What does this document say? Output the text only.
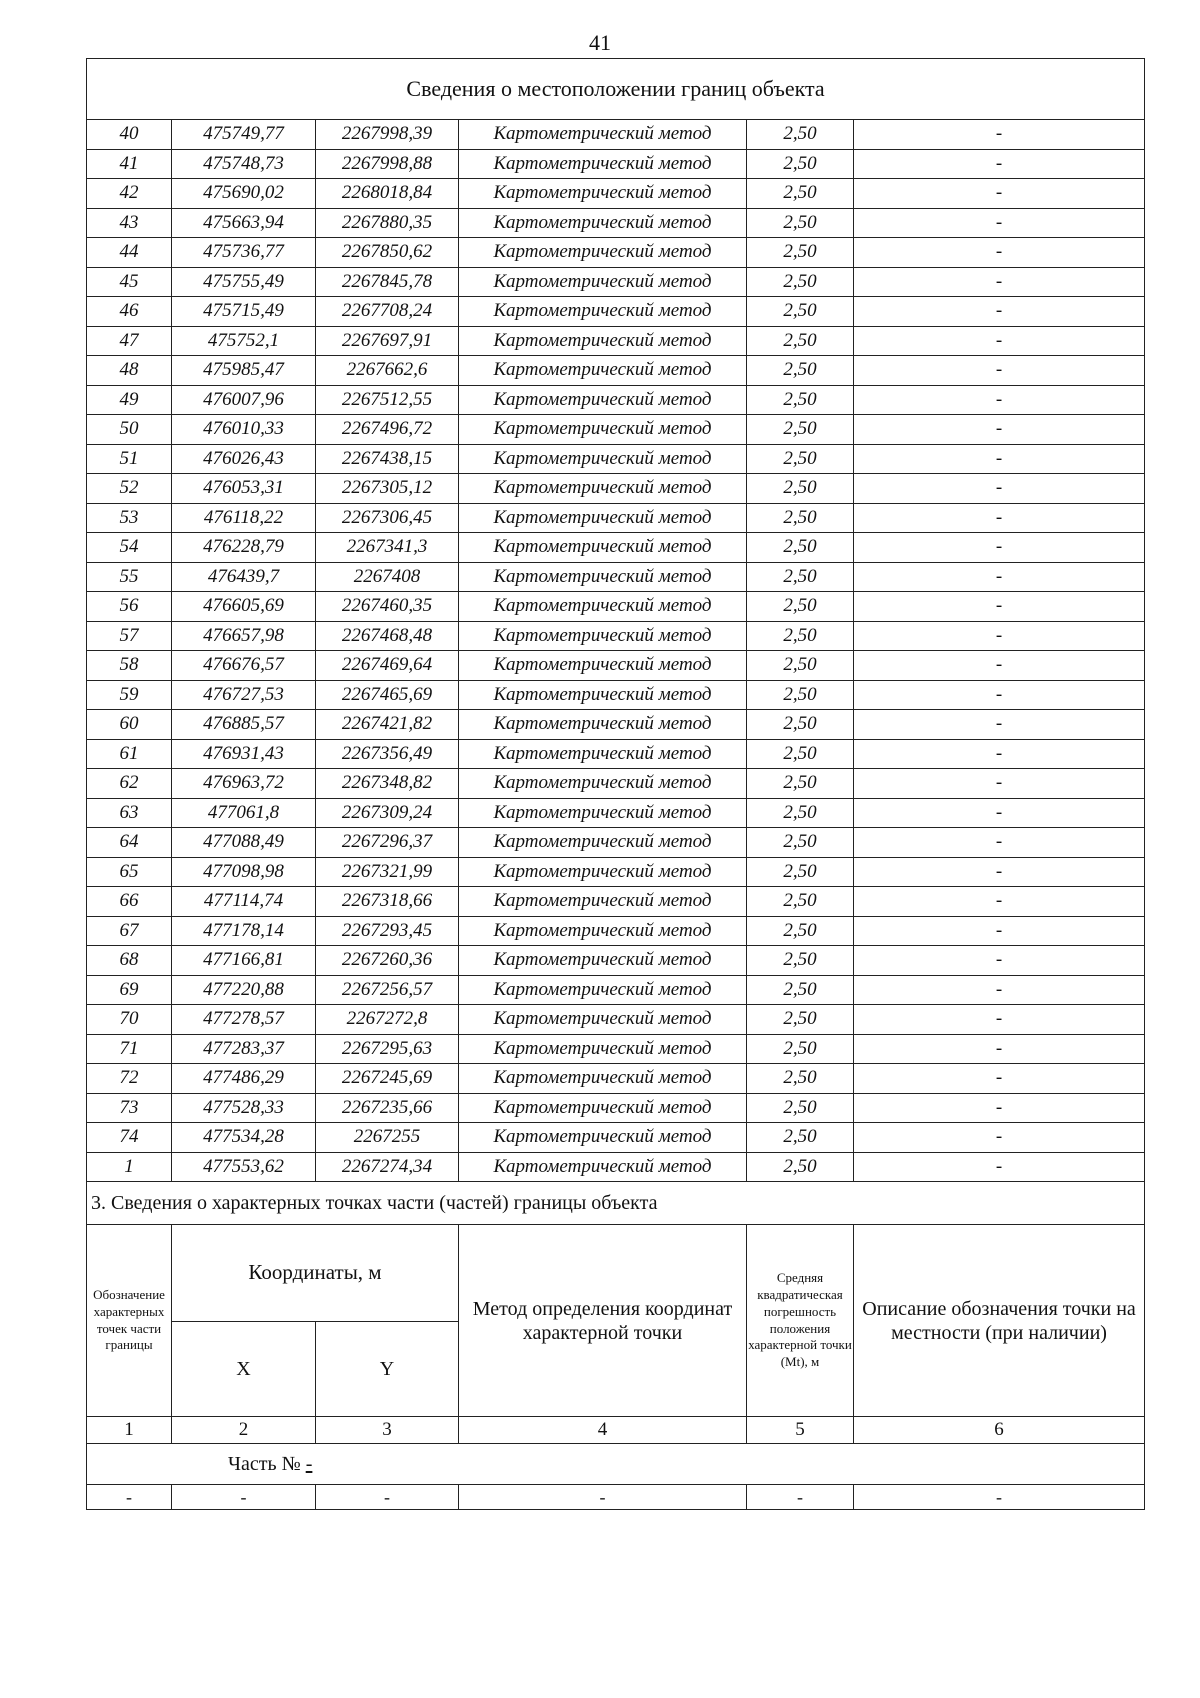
41
Сведения о местоположении границ объекта					
40	475749,77	2267998,39	Картометрический метод	2,50	-
41	475748,73	2267998,88	Картометрический метод	2,50	-
42	475690,02	2268018,84	Картометрический метод	2,50	-
43	475663,94	2267880,35	Картометрический метод	2,50	-
44	475736,77	2267850,62	Картометрический метод	2,50	-
45	475755,49	2267845,78	Картометрический метод	2,50	-
46	475715,49	2267708,24	Картометрический метод	2,50	-
47	475752,1	2267697,91	Картометрический метод	2,50	-
48	475985,47	2267662,6	Картометрический метод	2,50	-
49	476007,96	2267512,55	Картометрический метод	2,50	-
50	476010,33	2267496,72	Картометрический метод	2,50	-
51	476026,43	2267438,15	Картометрический метод	2,50	-
52	476053,31	2267305,12	Картометрический метод	2,50	-
53	476118,22	2267306,45	Картометрический метод	2,50	-
54	476228,79	2267341,3	Картометрический метод	2,50	-
55	476439,7	2267408	Картометрический метод	2,50	-
56	476605,69	2267460,35	Картометрический метод	2,50	-
57	476657,98	2267468,48	Картометрический метод	2,50	-
58	476676,57	2267469,64	Картометрический метод	2,50	-
59	476727,53	2267465,69	Картометрический метод	2,50	-
60	476885,57	2267421,82	Картометрический метод	2,50	-
61	476931,43	2267356,49	Картометрический метод	2,50	-
62	476963,72	2267348,82	Картометрический метод	2,50	-
63	477061,8	2267309,24	Картометрический метод	2,50	-
64	477088,49	2267296,37	Картометрический метод	2,50	-
65	477098,98	2267321,99	Картометрический метод	2,50	-
66	477114,74	2267318,66	Картометрический метод	2,50	-
67	477178,14	2267293,45	Картометрический метод	2,50	-
68	477166,81	2267260,36	Картометрический метод	2,50	-
69	477220,88	2267256,57	Картометрический метод	2,50	-
70	477278,57	2267272,8	Картометрический метод	2,50	-
71	477283,37	2267295,63	Картометрический метод	2,50	-
72	477486,29	2267245,69	Картометрический метод	2,50	-
73	477528,33	2267235,66	Картометрический метод	2,50	-
74	477534,28	2267255	Картометрический метод	2,50	-
1	477553,62	2267274,34	Картометрический метод	2,50	-
3. Сведения о характерных точках части (частей) границы объекта					
Обозначение характерных точек части границы	Координаты, м		Метод определения координат характерной точки	Средняя квадратическая погрешность положения характерной точки (Mt), м	Описание обозначения точки на местности (при наличии)
	X	Y			
1	2	3	4	5	6
Часть № -					
-	-	-	-	-	-
